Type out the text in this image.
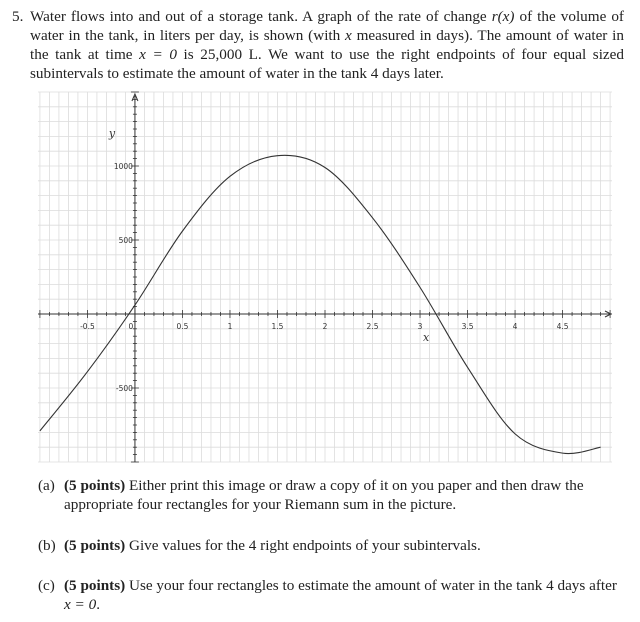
5. Water flows into and out of a storage tank. A graph of the rate of change r(x) of the volume of water in the tank, in liters per day, is shown (with x measured in days). The amount of water in the tank at time x = 0 is 25,000 L. We want to use the right endpoints of four equal sized subintervals to estimate the amount of water in the tank 4 days later.
-0.5	0	0.5	1	1.5	2	2.5	3	3.5	4	4.5
-500
500
1000
y
x
(a) (5 points) Either print this image or draw a copy of it on you paper and then draw the appropriate four rectangles for your Riemann sum in the picture.
(b) (5 points) Give values for the 4 right endpoints of your subintervals.
(c) (5 points) Use your four rectangles to estimate the amount of water in the tank 4 days after x = 0.
